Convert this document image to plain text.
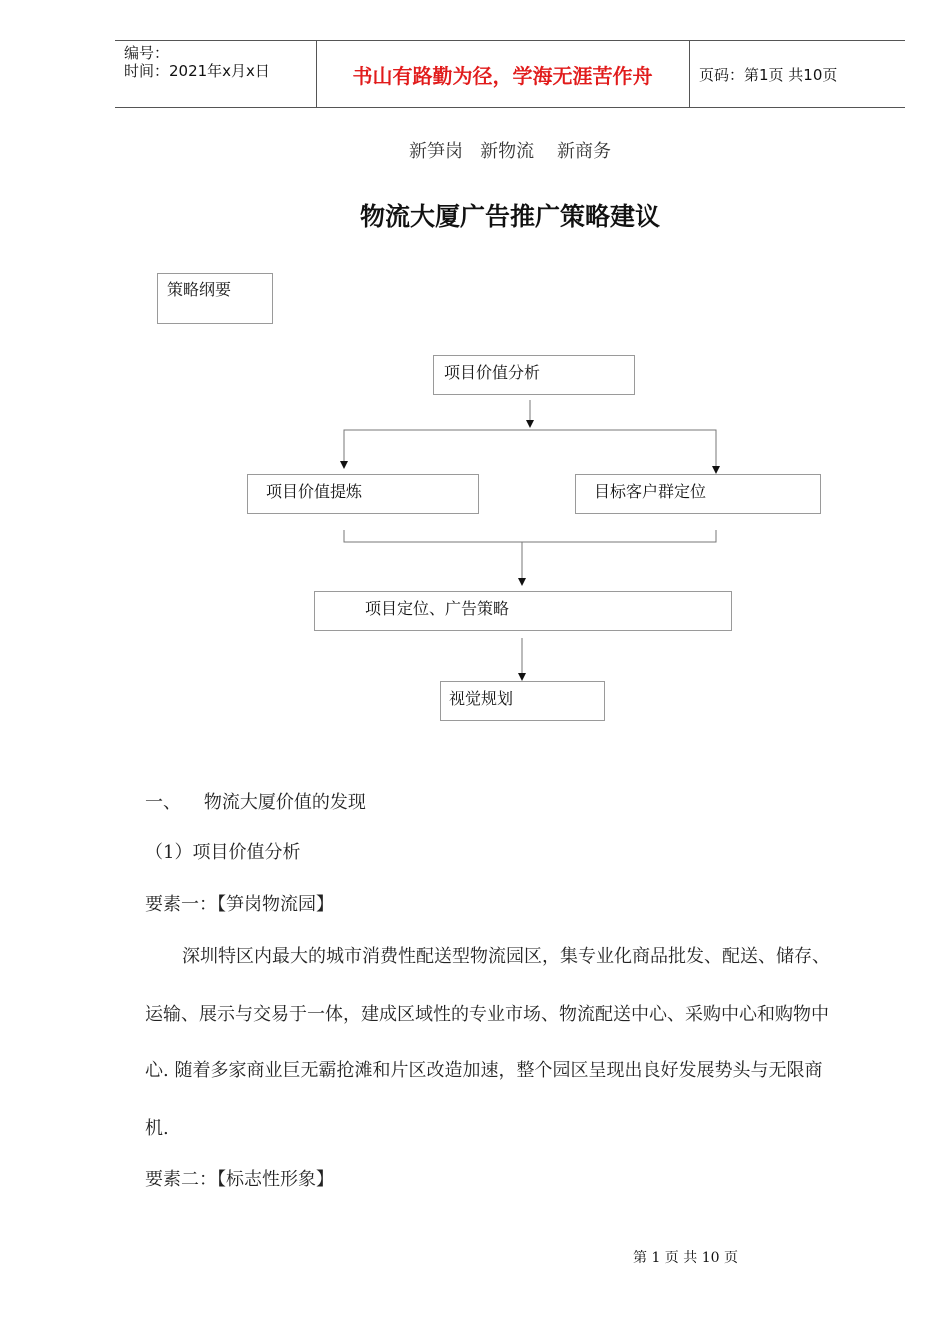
编号：
时间：2021年x月x日	书山有路勤为径，学海无涯苦作舟	页码：第1页 共10页
新笋岗   新物流    新商务
物流大厦广告推广策略建议
策略纲要
项目价值分析
项目价值提炼	目标客户群定位
项目定位、广告策略
视觉规划
一、    物流大厦价值的发现
（1）项目价值分析
要素一：【笋岗物流园】
深圳特区内最大的城市消费性配送型物流园区，集专业化商品批发、配送、储存、
运输、展示与交易于一体，建成区域性的专业市场、物流配送中心、采购中心和购物中
心. 随着多家商业巨无霸抢滩和片区改造加速，整个园区呈现出良好发展势头与无限商
机.
要素二：【标志性形象】
第 1 页 共 10 页
